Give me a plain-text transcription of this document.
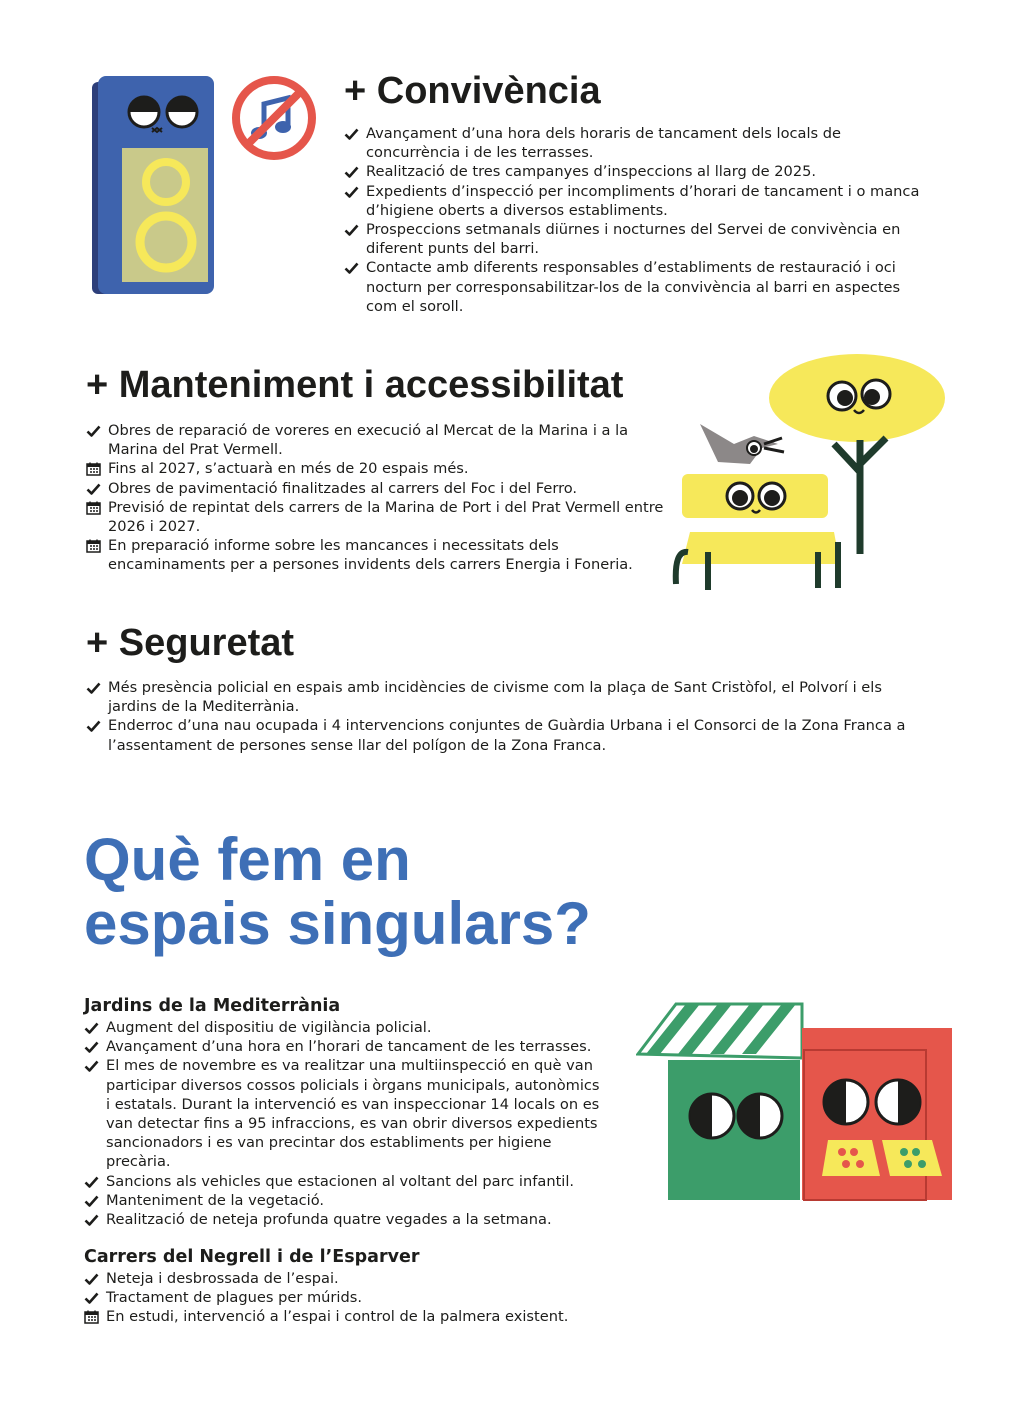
+ Convivència
Avançament d’una hora dels horaris de tancament dels locals de concurrència i de les terrasses.
Realització de tres campanyes d’inspeccions al llarg de 2025.
Expedients d’inspecció per incompliments d’horari de tancament i o manca d’higiene oberts a diversos establiments.
Prospeccions setmanals diürnes i nocturnes del Servei de convivència en diferent punts del barri.
Contacte amb diferents responsables d’establiments de restauració i oci nocturn per corresponsabilitzar-los de la convivència al barri en aspectes com el soroll.
+ Manteniment i accessibilitat
Obres de reparació de voreres en execució al Mercat de la Marina i a la Marina del Prat Vermell.
Fins al 2027, s’actuarà en més de 20 espais més.
Obres de pavimentació finalitzades al carrers del Foc i del Ferro.
Previsió de repintat dels carrers de la Marina de Port i del Prat Vermell entre 2026 i 2027.
En preparació informe sobre les mancances i necessitats dels encaminaments per a persones invidents dels carrers Energia i Foneria.
+ Seguretat
Més presència policial en espais amb incidències de civisme com la plaça de Sant Cristòfol, el Polvorí i els jardins de la Mediterrània.
Enderroc d’una nau ocupada i 4 intervencions conjuntes de Guàrdia Urbana i el Consorci de la Zona Franca a l’assentament de persones sense llar del polígon de la Zona Franca.
Què fem en
espais singulars?
Jardins de la Mediterrània
Augment del dispositiu de vigilància policial.
Avançament d’una hora en l’horari de tancament de les terrasses.
El mes de novembre es va realitzar una multiinspecció en què van participar diversos cossos policials i òrgans municipals, autonòmics i estatals. Durant la intervenció es van inspeccionar 14 locals on es van detectar fins a 95 infraccions, es van obrir diversos expedients sancionadors i es van precintar dos establiments per higiene precària.
Sancions als vehicles que estacionen al voltant del parc infantil.
Manteniment de la vegetació.
Realització de neteja profunda quatre vegades a la setmana.
Carrers del Negrell i de l’Esparver
Neteja i desbrossada de l’espai.
Tractament de plagues per múrids.
En estudi, intervenció a l’espai i control de la palmera existent.
